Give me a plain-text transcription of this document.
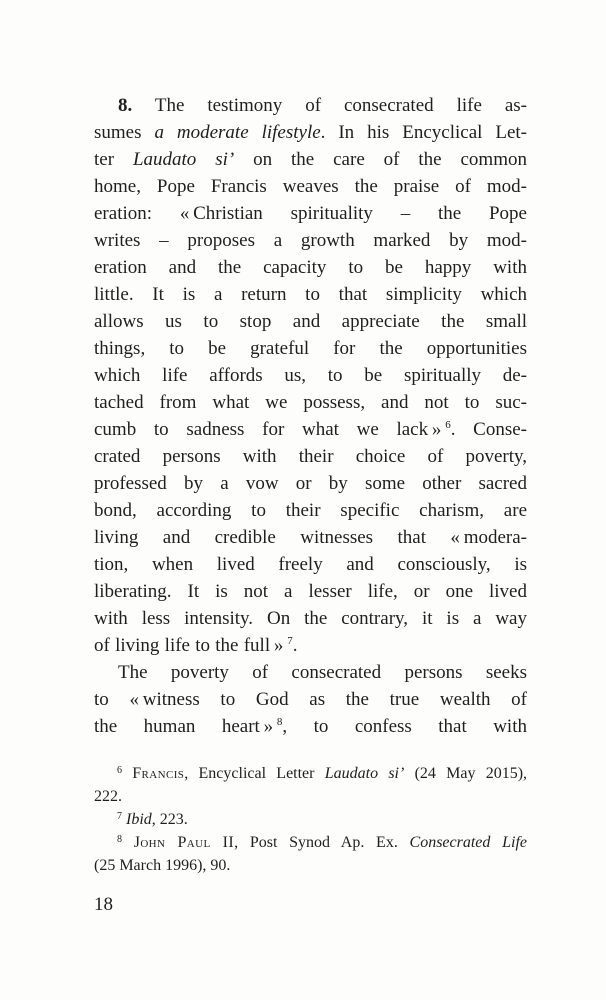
8. The testimony of consecrated life as-
sumes a moderate lifestyle. In his Encyclical Let-
ter Laudato si’ on the care of the common
home, Pope Francis weaves the praise of mod-
eration: « Christian spirituality – the Pope
writes – proposes a growth marked by mod-
eration and the capacity to be happy with
little. It is a return to that simplicity which
allows us to stop and appreciate the small
things, to be grateful for the opportunities
which life affords us, to be spiritually de-
tached from what we possess, and not to suc-
cumb to sadness for what we lack » $^6$. Conse-
crated persons with their choice of poverty,
professed by a vow or by some other sacred
bond, according to their specific charism, are
living and credible witnesses that « modera-
tion, when lived freely and consciously, is
liberating. It is not a lesser life, or one lived
with less intensity. On the contrary, it is a way
of living life to the full » $^7$.
The poverty of consecrated persons seeks
to « witness to God as the true wealth of
the human heart » $^8$, to confess that with
$^6$ Francis, Encyclical Letter Laudato si’ (24 May 2015),
222.
$^7$ Ibid, 223.
$^8$ John Paul II, Post Synod Ap. Ex. Consecrated Life
(25 March 1996), 90.
18
